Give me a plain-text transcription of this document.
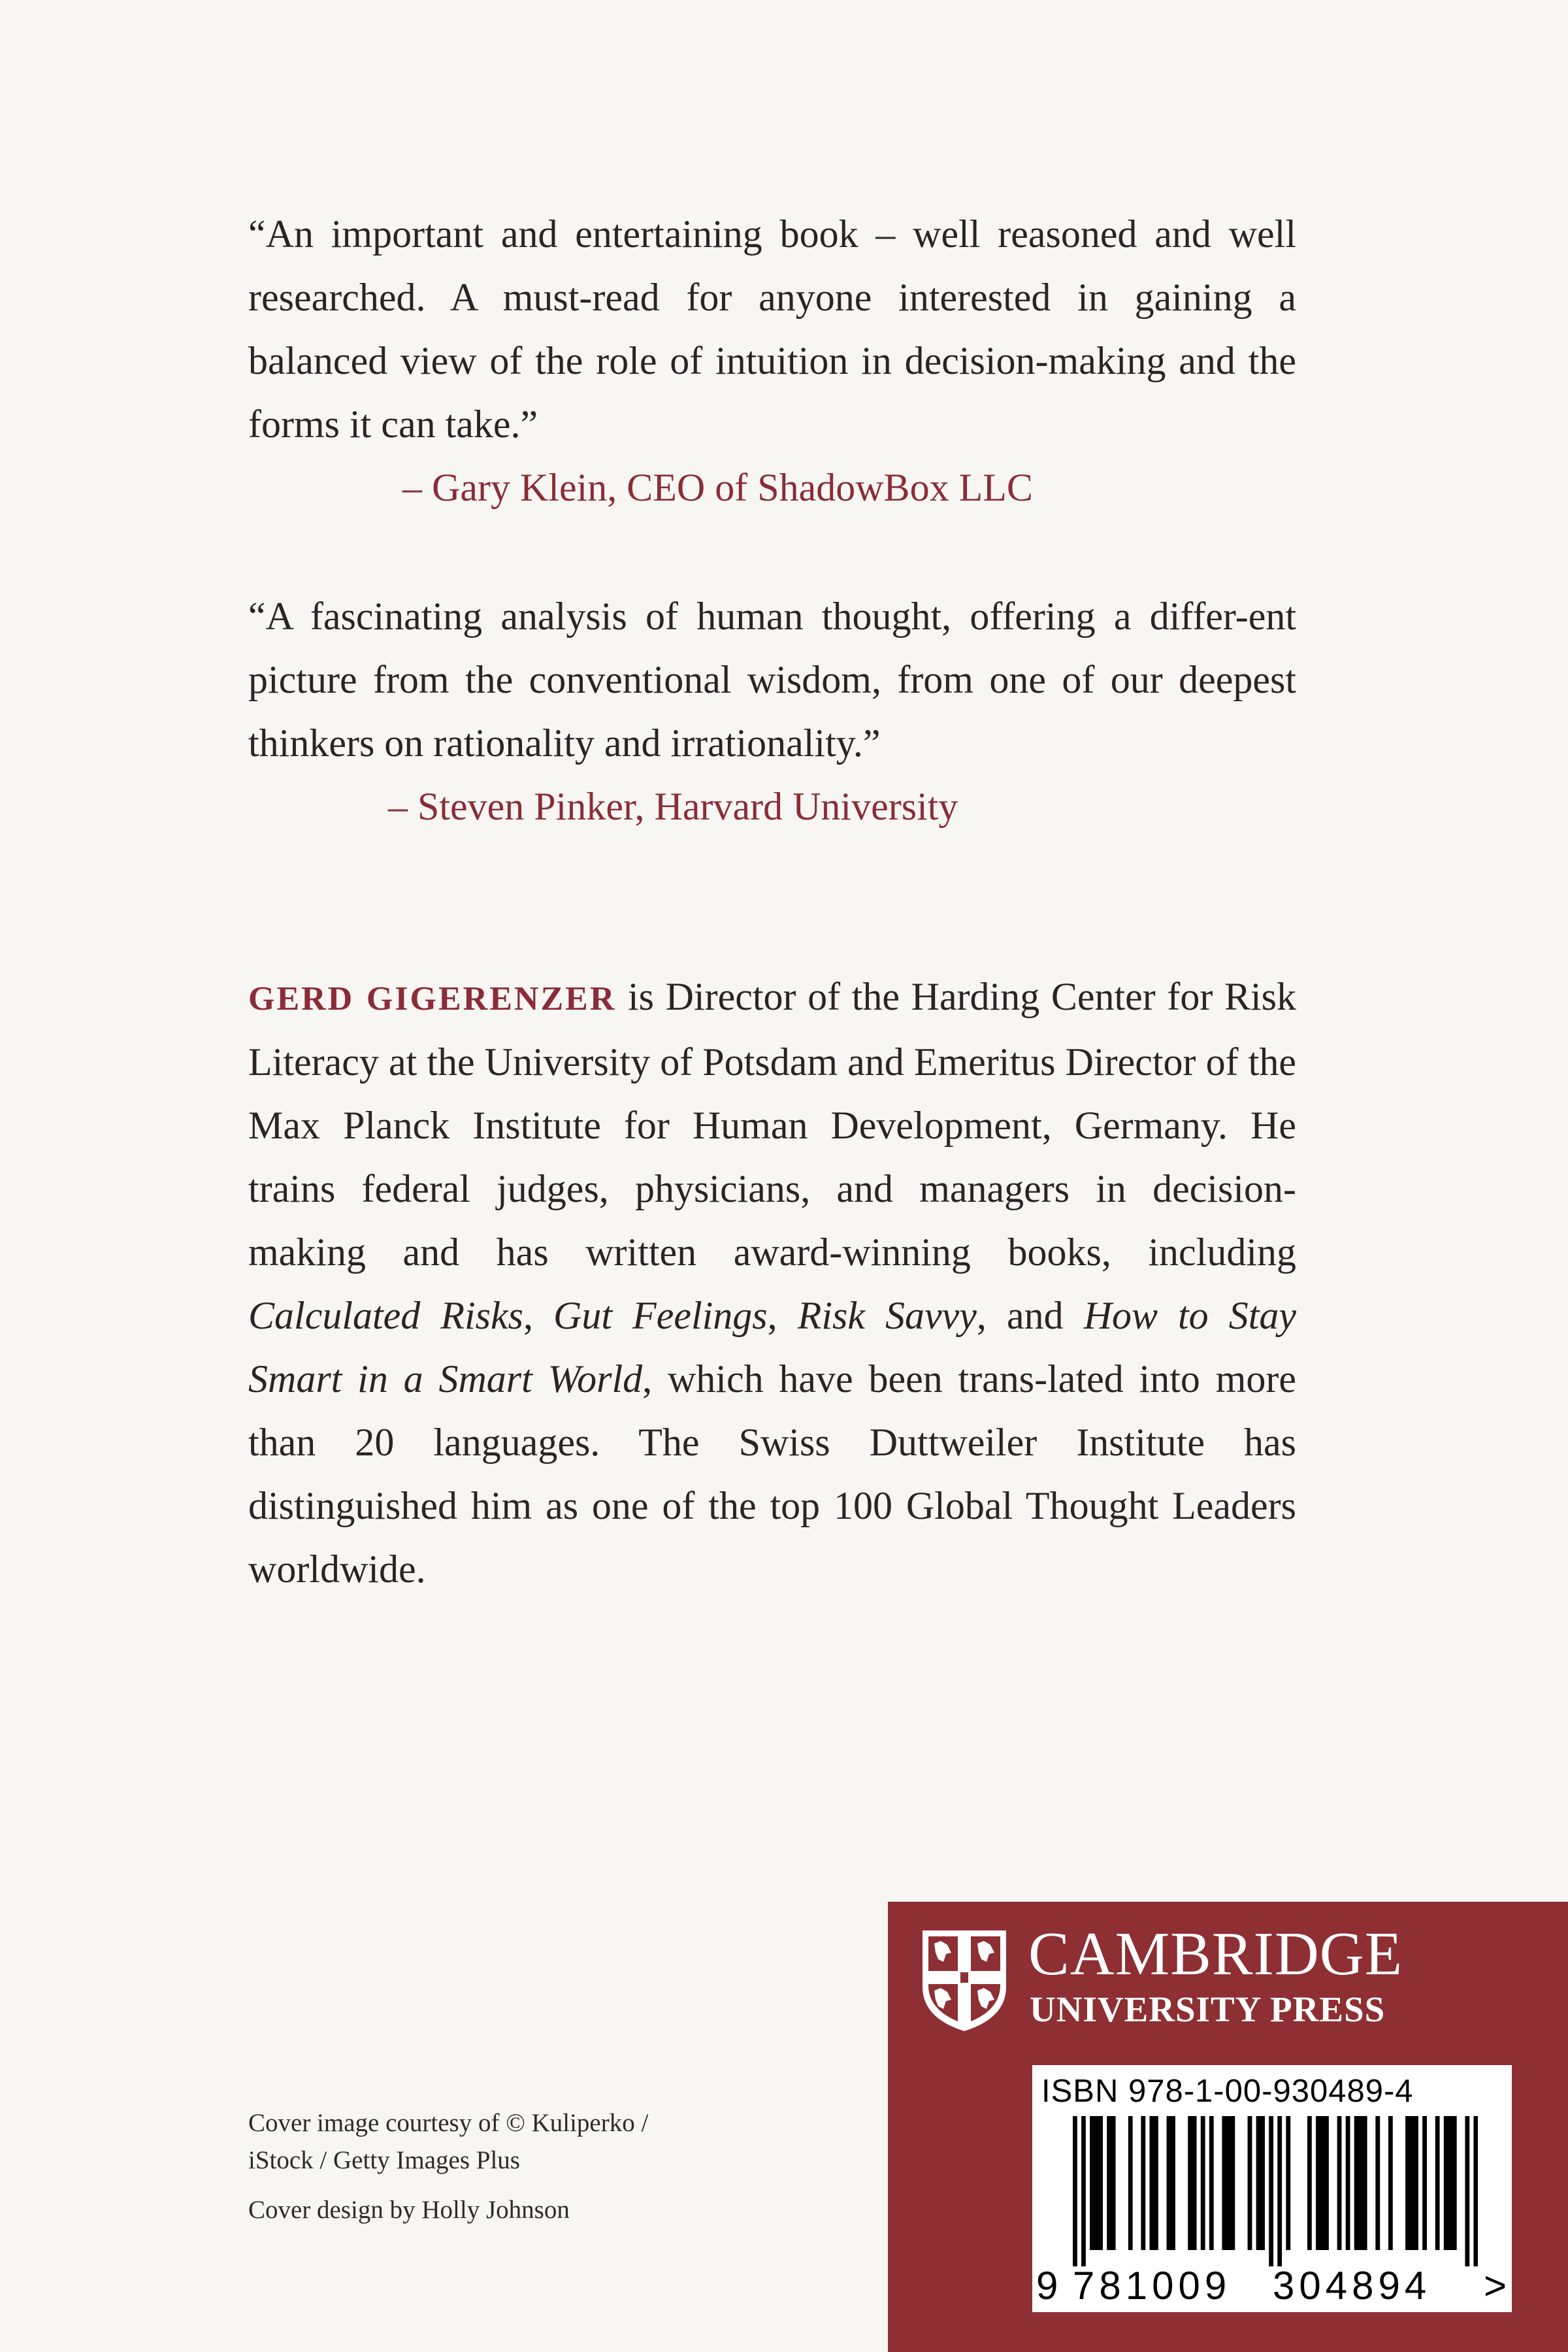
“An important and entertaining book – well reasoned and well researched. A must-read for anyone interested in gaining a balanced view of the role of intuition in decision-making and the forms it can take.”

– Gary Klein, CEO of ShadowBox LLC

“A fascinating analysis of human thought, offering a differ-ent picture from the conventional wisdom, from one of our deepest thinkers on rationality and irrationality.”

– Steven Pinker, Harvard University

GERD GIGERENZER is Director of the Harding Center for Risk Literacy at the University of Potsdam and Emeritus Director of the Max Planck Institute for Human Development, Germany. He trains federal judges, physicians, and managers in decision-making and has written award-winning books, including Calculated Risks, Gut Feelings, Risk Savvy, and How to Stay Smart in a Smart World, which have been trans-lated into more than 20 languages. The Swiss Duttweiler Institute has distinguished him as one of the top 100 Global Thought Leaders worldwide.

Cover image courtesy of © Kuliperko /

iStock / Getty Images Plus

Cover design by Holly Johnson

CAMBRIDGE
UNIVERSITY PRESS
ISBN 978-1-00-930489-4
9 781009 304894 >
